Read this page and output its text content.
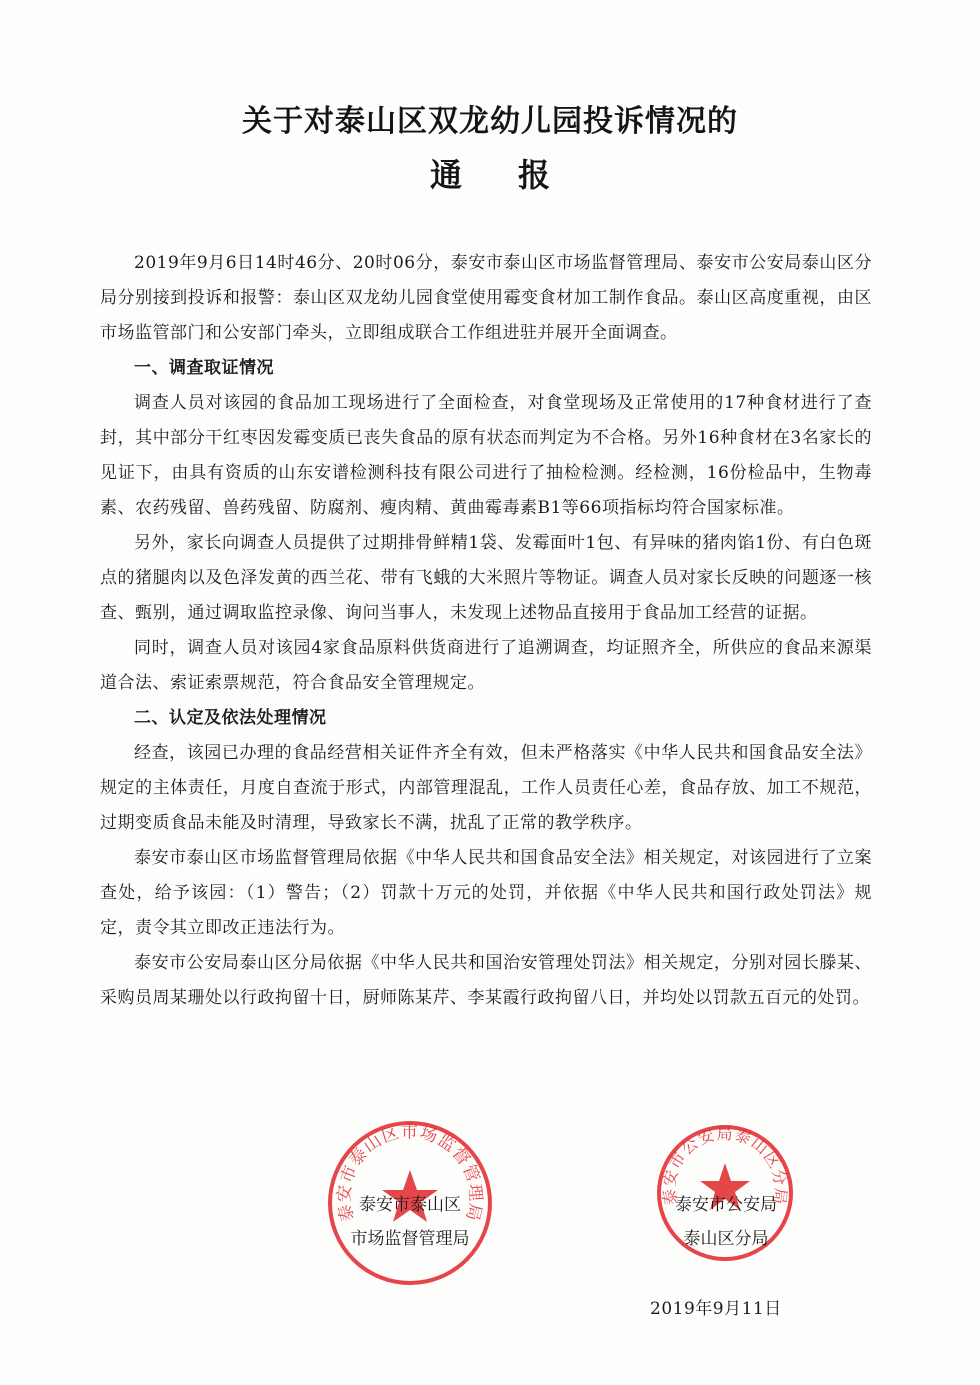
关于对泰山区双龙幼儿园投诉情况的
通报

2019年9月6日14时46分、20时06分，泰安市泰山区市场监督管理局、泰安市公安局泰山区分局分别接到投诉和报警：泰山区双龙幼儿园食堂使用霉变食材加工制作食品。泰山区高度重视，由区市场监管部门和公安部门牵头，立即组成联合工作组进驻并展开全面调查。

一、调查取证情况

调查人员对该园的食品加工现场进行了全面检查，对食堂现场及正常使用的17种食材进行了查封，其中部分干红枣因发霉变质已丧失食品的原有状态而判定为不合格。另外16种食材在3名家长的见证下，由具有资质的山东安谱检测科技有限公司进行了抽检检测。经检测，16份检品中，生物毒素、农药残留、兽药残留、防腐剂、瘦肉精、黄曲霉毒素B1等66项指标均符合国家标准。

另外，家长向调查人员提供了过期排骨鲜精1袋、发霉面叶1包、有异味的猪肉馅1份、有白色斑点的猪腿肉以及色泽发黄的西兰花、带有飞蛾的大米照片等物证。调查人员对家长反映的问题逐一核查、甄别，通过调取监控录像、询问当事人，未发现上述物品直接用于食品加工经营的证据。

同时，调查人员对该园4家食品原料供货商进行了追溯调查，均证照齐全，所供应的食品来源渠道合法、索证索票规范，符合食品安全管理规定。

二、认定及依法处理情况

经查，该园已办理的食品经营相关证件齐全有效，但未严格落实《中华人民共和国食品安全法》规定的主体责任，月度自查流于形式，内部管理混乱，工作人员责任心差，食品存放、加工不规范，过期变质食品未能及时清理，导致家长不满，扰乱了正常的教学秩序。

泰安市泰山区市场监督管理局依据《中华人民共和国食品安全法》相关规定，对该园进行了立案查处，给予该园：（1）警告；（2）罚款十万元的处罚，并依据《中华人民共和国行政处罚法》规定，责令其立即改正违法行为。

泰安市公安局泰山区分局依据《中华人民共和国治安管理处罚法》相关规定，分别对园长滕某、采购员周某珊处以行政拘留十日，厨师陈某芹、李某霞行政拘留八日，并均处以罚款五百元的处罚。

泰安市泰山区市场监督管理局
泰安市公安局泰山区分局
泰安市泰山区
市场监督管理局
泰安市公安局
泰山区分局
2019年9月11日
